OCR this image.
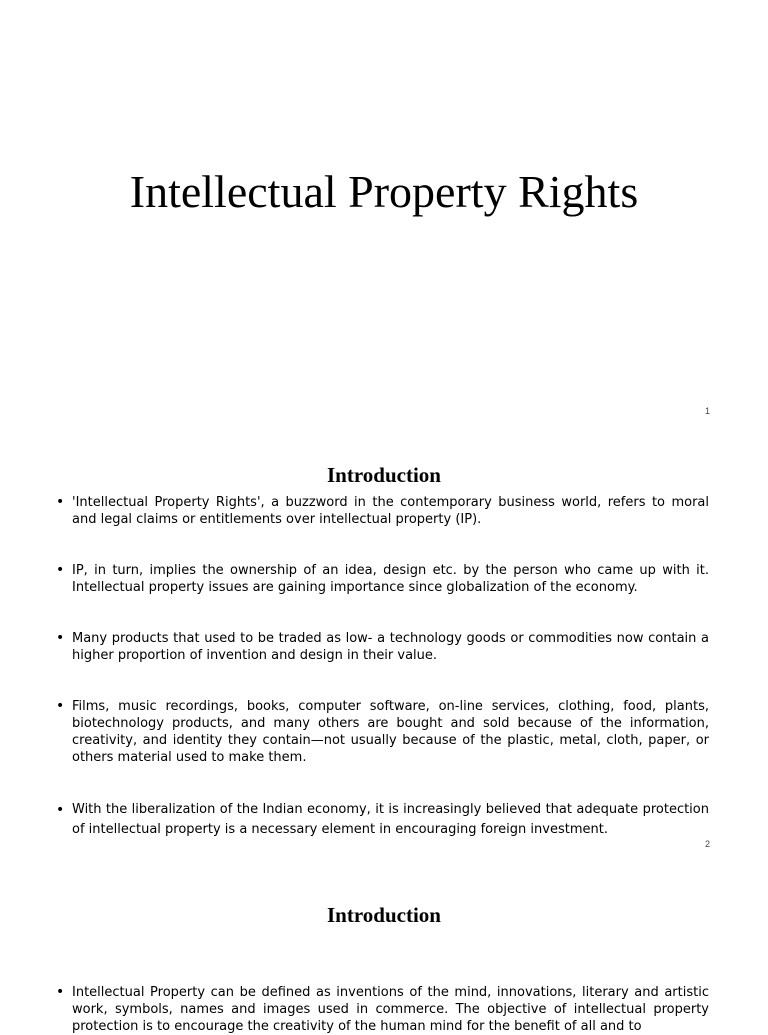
Intellectual Property Rights
1
Introduction
• 'Intellectual Property Rights', a buzzword in the contemporary business world, refers to moral and legal claims or entitlements over intellectual property (IP).
• IP, in turn, implies the ownership of an idea, design etc. by the person who came up with it. Intellectual property issues are gaining importance since globalization of the economy.
• Many products that used to be traded as low- a technology goods or commodities now contain a higher proportion of invention and design in their value.
• Films, music recordings, books, computer software, on-line services, clothing, food, plants, biotechnology products, and many others are bought and sold because of the information, creativity, and identity they contain—not usually because of the plastic, metal, cloth, paper, or others material used to make them.
• With the liberalization of the Indian economy, it is increasingly believed that adequate protection of intellectual property is a necessary element in encouraging foreign investment.
2
Introduction
• Intellectual Property can be defined as inventions of the mind, innovations, literary and artistic work, symbols, names and images used in commerce. The objective of intellectual property protection is to encourage the creativity of the human mind for the benefit of all and to
